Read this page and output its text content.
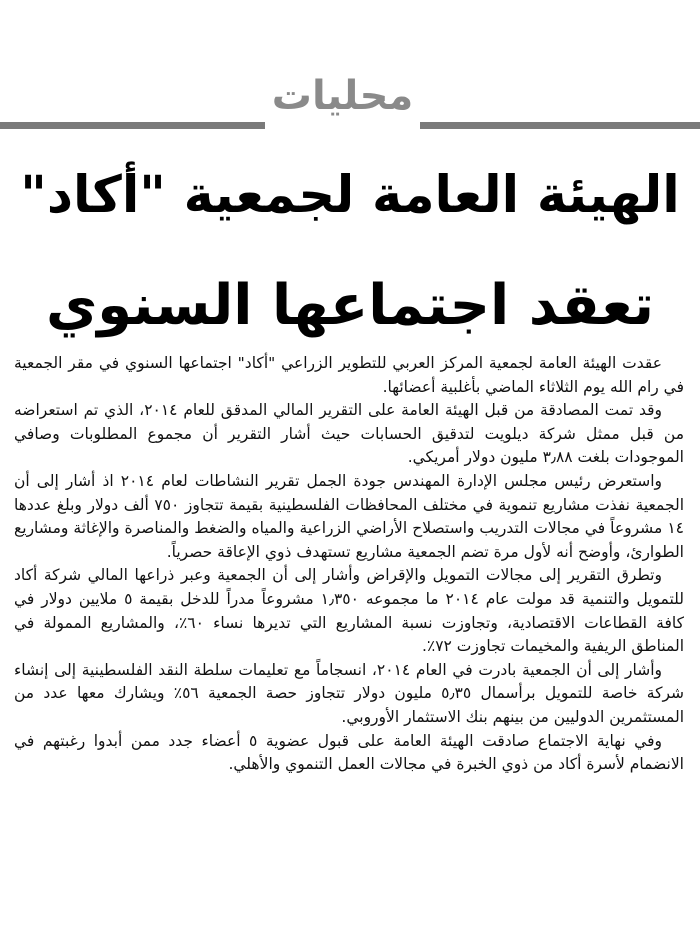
محليات
الهيئة العامة لجمعية "أكاد"
تعقد اجتماعها السنوي

عقدت الهيئة العامة لجمعية المركز العربي للتطوير الزراعي "أكاد" اجتماعها السنوي في مقر الجمعية في رام الله يوم الثلاثاء الماضي بأغلبية أعضائها.

وقد تمت المصادقة من قبل الهيئة العامة على التقرير المالي المدقق للعام ٢٠١٤، الذي تم استعراضه من قبل ممثل شركة ديلويت لتدقيق الحسابات حيث أشار التقرير أن مجموع المطلوبات وصافي الموجودات بلغت ٣٫٨٨ مليون دولار أمريكي.

واستعرض رئيس مجلس الإدارة المهندس جودة الجمل تقرير النشاطات لعام ٢٠١٤ اذ أشار إلى أن الجمعية نفذت مشاريع تنموية في مختلف المحافظات الفلسطينية بقيمة تتجاوز ٧٥٠ ألف دولار وبلغ عددها ١٤ مشروعاً في مجالات التدريب واستصلاح الأراضي الزراعية والمياه والضغط والمناصرة والإغاثة ومشاريع الطوارئ، وأوضح أنه لأول مرة تضم الجمعية مشاريع تستهدف ذوي الإعاقة حصرياً.

وتطرق التقرير إلى مجالات التمويل والإقراض وأشار إلى أن الجمعية وعبر ذراعها المالي شركة أكاد للتمويل والتنمية قد مولت عام ٢٠١٤ ما مجموعه ١٫٣٥٠ مشروعاً مدراً للدخل بقيمة ٥ ملايين دولار في كافة القطاعات الاقتصادية، وتجاوزت نسبة المشاريع التي تديرها نساء ٦٠٪، والمشاريع الممولة في المناطق الريفية والمخيمات تجاوزت ٧٢٪.

وأشار إلى أن الجمعية بادرت في العام ٢٠١٤، انسجاماً مع تعليمات سلطة النقد الفلسطينية إلى إنشاء شركة خاصة للتمويل برأسمال ٥٫٣٥ مليون دولار تتجاوز حصة الجمعية ٥٦٪ ويشارك معها عدد من المستثمرين الدوليين من بينهم بنك الاستثمار الأوروبي.

وفي نهاية الاجتماع صادقت الهيئة العامة على قبول عضوية ٥ أعضاء جدد ممن أبدوا رغبتهم في الانضمام لأسرة أكاد من ذوي الخبرة في مجالات العمل التنموي والأهلي.
